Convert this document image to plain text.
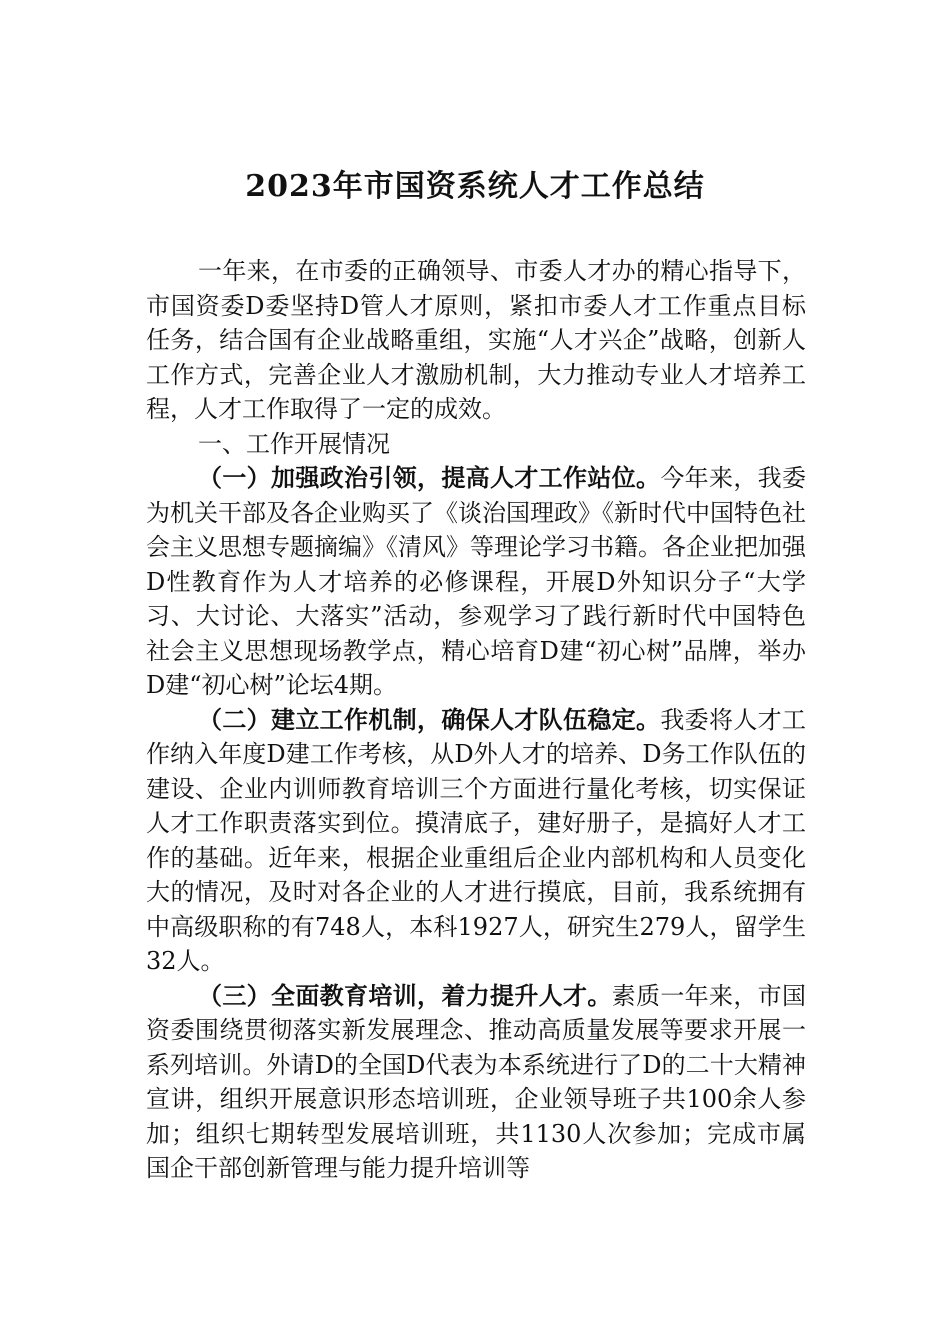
2023年市国资系统人才工作总结

一年来，在市委的正确领导、市委人才办的精心指导下，市国资委D委坚持D管人才原则，紧扣市委人才工作重点目标任务，结合国有企业战略重组，实施“人才兴企”战略，创新人工作方式，完善企业人才激励机制，大力推动专业人才培养工程，人才工作取得了一定的成效。

一、工作开展情况

（一）加强政治引领，提高人才工作站位。今年来，我委为机关干部及各企业购买了《谈治国理政》《新时代中国特色社会主义思想专题摘编》《清风》等理论学习书籍。各企业把加强D性教育作为人才培养的必修课程，开展D外知识分子“大学习、大讨论、大落实”活动，参观学习了践行新时代中国特色社会主义思想现场教学点，精心培育D建“初心树”品牌，举办D建“初心树”论坛4期。

（二）建立工作机制，确保人才队伍稳定。我委将人才工作纳入年度D建工作考核，从D外人才的培养、D务工作队伍的建设、企业内训师教育培训三个方面进行量化考核，切实保证人才工作职责落实到位。摸清底子，建好册子，是搞好人才工作的基础。近年来，根据企业重组后企业内部机构和人员变化大的情况，及时对各企业的人才进行摸底，目前，我系统拥有中高级职称的有748人，本科1927人，研究生279人，留学生32人。

（三）全面教育培训，着力提升人才。素质一年来，市国资委围绕贯彻落实新发展理念、推动高质量发展等要求开展一系列培训。外请D的全国D代表为本系统进行了D的二十大精神宣讲，组织开展意识形态培训班，企业领导班子共100余人参加；组织七期转型发展培训班，共1130人次参加；完成市属国企干部创新管理与能力提升培训等
